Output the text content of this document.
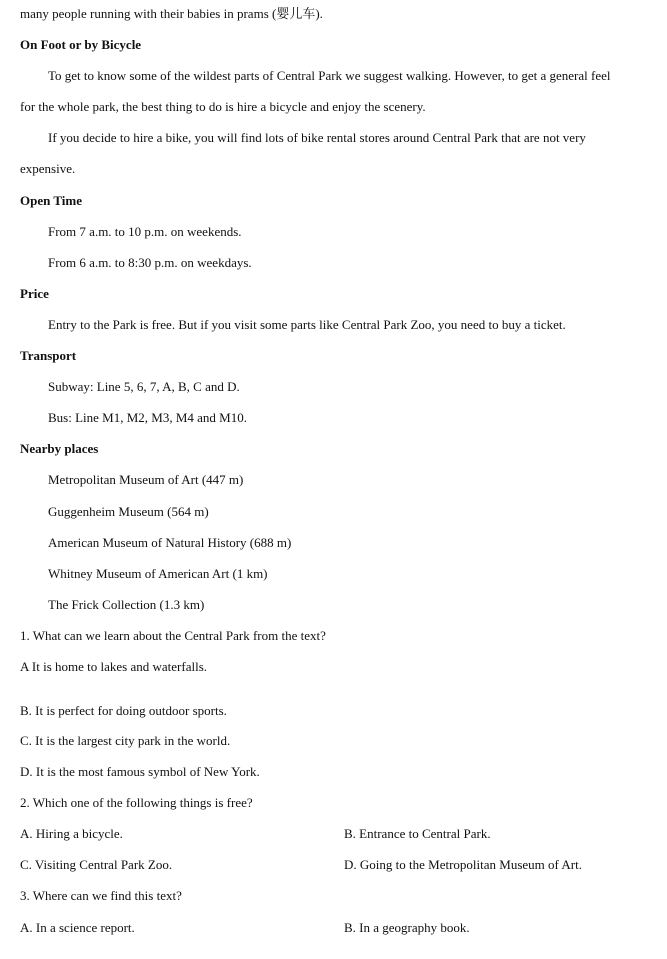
many people running with their babies in prams (婴儿车).
On Foot or by Bicycle
To get to know some of the wildest parts of Central Park we suggest walking. However, to get a general feel
for the whole park, the best thing to do is hire a bicycle and enjoy the scenery.
If you decide to hire a bike, you will find lots of bike rental stores around Central Park that are not very
expensive.
Open Time
From 7 a.m. to 10 p.m. on weekends.
From 6 a.m. to 8:30 p.m. on weekdays.
Price
Entry to the Park is free. But if you visit some parts like Central Park Zoo, you need to buy a ticket.
Transport
Subway: Line 5, 6, 7, A, B, C and D.
Bus: Line M1, M2, M3, M4 and M10.
Nearby places
Metropolitan Museum of Art (447 m)
Guggenheim Museum (564 m)
American Museum of Natural History (688 m)
Whitney Museum of American Art (1 km)
The Frick Collection (1.3 km)
1. What can we learn about the Central Park from the text?
A It is home to lakes and waterfalls.
B. It is perfect for doing outdoor sports.
C. It is the largest city park in the world.
D. It is the most famous symbol of New York.
2. Which one of the following things is free?
A. Hiring a bicycle.	B. Entrance to Central Park.
C. Visiting Central Park Zoo.	D. Going to the Metropolitan Museum of Art.
3. Where can we find this text?
A. In a science report.	B. In a geography book.
